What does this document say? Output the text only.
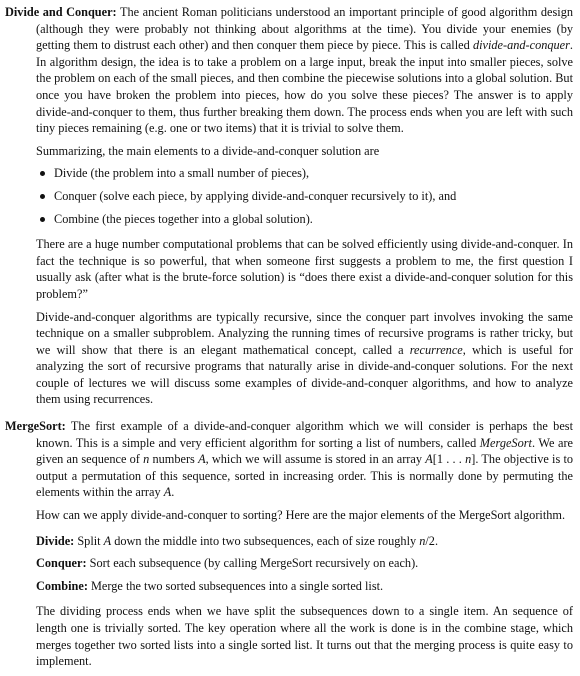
Divide and Conquer: The ancient Roman politicians understood an important principle of good algorithm design (although they were probably not thinking about algorithms at the time). You divide your enemies (by getting them to distrust each other) and then conquer them piece by piece. This is called divide-and-conquer. In algorithm design, the idea is to take a problem on a large input, break the input into smaller pieces, solve the problem on each of the small pieces, and then combine the piecewise solutions into a global solution. But once you have broken the problem into pieces, how do you solve these pieces? The answer is to apply divide-and-conquer to them, thus further breaking them down. The process ends when you are left with such tiny pieces remaining (e.g. one or two items) that it is trivial to solve them.

Summarizing, the main elements to a divide-and-conquer solution are

Divide (the problem into a small number of pieces),
Conquer (solve each piece, by applying divide-and-conquer recursively to it), and
Combine (the pieces together into a global solution).

There are a huge number computational problems that can be solved efficiently using divide-and-conquer. In fact the technique is so powerful, that when someone first suggests a problem to me, the first question I usually ask (after what is the brute-force solution) is “does there exist a divide-and-conquer solution for this problem?”

Divide-and-conquer algorithms are typically recursive, since the conquer part involves invoking the same technique on a smaller subproblem. Analyzing the running times of recursive programs is rather tricky, but we will show that there is an elegant mathematical concept, called a recurrence, which is useful for analyzing the sort of recursive programs that naturally arise in divide-and-conquer solutions. For the next couple of lectures we will discuss some examples of divide-and-conquer algorithms, and how to analyze them using recurrences.

MergeSort: The first example of a divide-and-conquer algorithm which we will consider is perhaps the best known. This is a simple and very efficient algorithm for sorting a list of numbers, called MergeSort. We are given an sequence of n numbers A, which we will assume is stored in an array A[1 . . . n]. The objective is to output a permutation of this sequence, sorted in increasing order. This is normally done by permuting the elements within the array A.

How can we apply divide-and-conquer to sorting? Here are the major elements of the MergeSort algorithm.

Divide: Split A down the middle into two subsequences, each of size roughly n/2.

Conquer: Sort each subsequence (by calling MergeSort recursively on each).

Combine: Merge the two sorted subsequences into a single sorted list.

The dividing process ends when we have split the subsequences down to a single item. An sequence of length one is trivially sorted. The key operation where all the work is done is in the combine stage, which merges together two sorted lists into a single sorted list. It turns out that the merging process is quite easy to implement.
